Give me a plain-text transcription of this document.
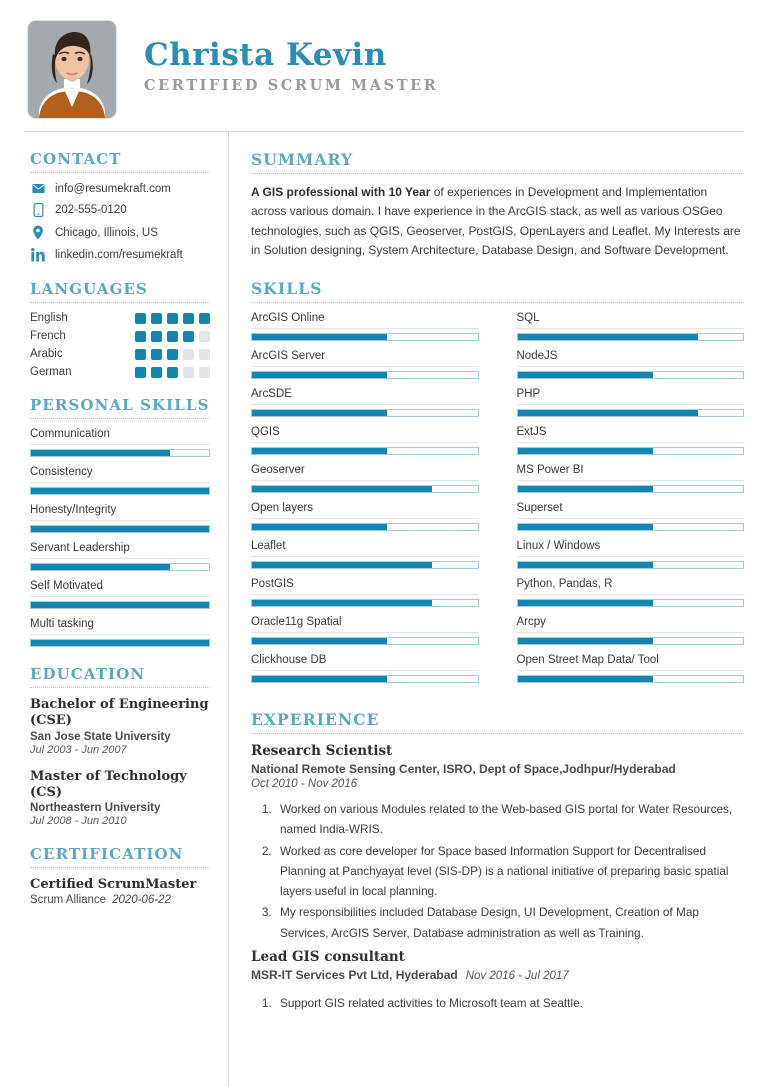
Christa Kevin
CERTIFIED SCRUM MASTER
CONTACT
info@resumekraft.com
202-555-0120
Chicago, Illinois, US
linkedin.com/resumekraft
LANGUAGES
English
French
Arabic
German
PERSONAL SKILLS
Communication
Consistency
Honesty/Integrity
Servant Leadership
Self Motivated
Multi tasking
EDUCATION
Bachelor of Engineering (CSE)
San Jose State University
Jul 2003 - Jun 2007
Master of Technology (CS)
Northeastern University
Jul 2008 - Jun 2010
CERTIFICATION
Certified ScrumMaster
Scrum Alliance 2020-06-22
SUMMARY
A GIS professional with 10 Year of experiences in Development and Implementation across various domain. I have experience in the ArcGIS stack, as well as various OSGeo technologies, such as QGIS, Geoserver, PostGIS, OpenLayers and Leaflet. My Interests are in Solution designing, System Architecture, Database Design, and Software Development.
SKILLS
ArcGIS Online
ArcGIS Server
ArcSDE
QGIS
Geoserver
Open layers
Leaflet
PostGIS
Oracle11g Spatial
Clickhouse DB
SQL
NodeJS
PHP
ExtJS
MS Power BI
Superset
Linux / Windows
Python, Pandas, R
Arcpy
Open Street Map Data/ Tool
EXPERIENCE
Research Scientist
National Remote Sensing Center, ISRO, Dept of Space,Jodhpur/Hyderabad
Oct 2010 - Nov 2016
1. Worked on various Modules related to the Web-based GIS portal for Water Resources, named India-WRIS.
2. Worked as core developer for Space based Information Support for Decentralised Planning at Panchyayat level (SIS-DP) is a national initiative of preparing basic spatial layers useful in local planning.
3. My responsibilities included Database Design, UI Development, Creation of Map Services, ArcGIS Server, Database administration as well as Training.
Lead GIS consultant
MSR-IT Services Pvt Ltd, Hyderabad Nov 2016 - Jul 2017
1. Support GIS related activities to Microsoft team at Seattle.
